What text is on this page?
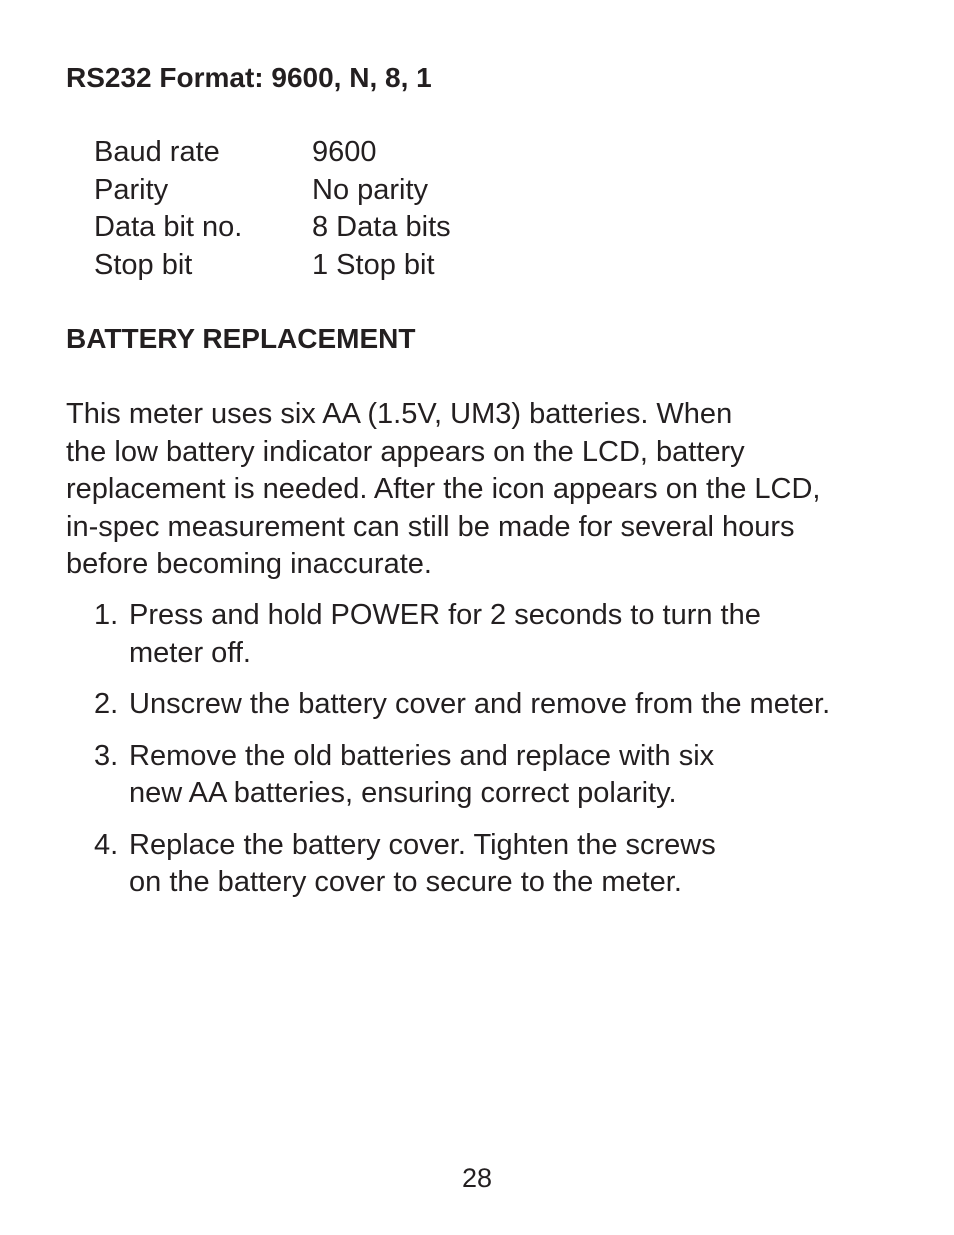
RS232 Format: 9600, N, 8, 1
Baud rate	9600
Parity	No parity
Data bit no.	8 Data bits
Stop bit	1 Stop bit
BATTERY REPLACEMENT

This meter uses six AA (1.5V, UM3) batteries. When
the low battery indicator appears on the LCD, battery
replacement is needed. After the icon appears on the LCD,
in-spec measurement can still be made for several hours
before becoming inaccurate.

1. Press and hold POWER for 2 seconds to turn the
meter off.
2. Unscrew the battery cover and remove from the meter.
3. Remove the old batteries and replace with six
new AA batteries, ensuring correct polarity.
4. Replace the battery cover. Tighten the screws
on the battery cover to secure to the meter.
28
